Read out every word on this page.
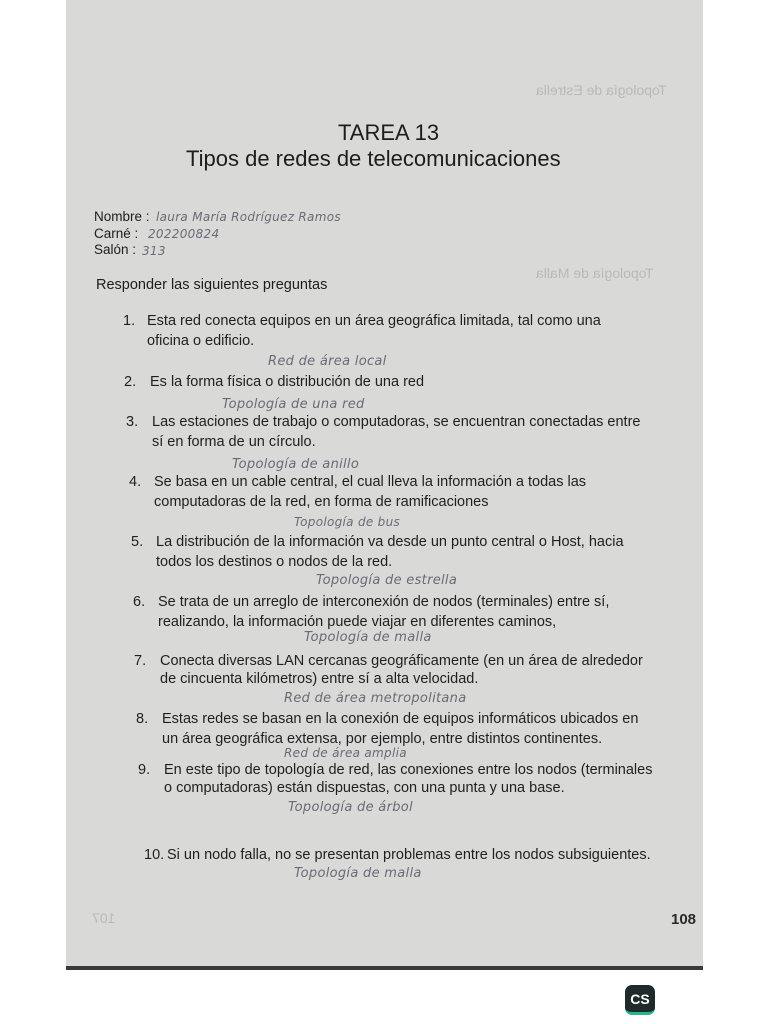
Topología de Estrella
Topología de Malla
107
TAREA 13
Tipos de redes de telecomunicaciones
Nombre : laura María Rodríguez Ramos
Carné : 202200824
Salón : 313
Responder las siguientes preguntas
1. Esta red conecta equipos en un área geográfica limitada, tal como una
oficina o edificio.
Red de área local
2. Es la forma física o distribución de una red
Topología de una red
3. Las estaciones de trabajo o computadoras, se encuentran conectadas entre
sí en forma de un círculo.
Topología de anillo
4. Se basa en un cable central, el cual lleva la información a todas las
computadoras de la red, en forma de ramificaciones
Topología de bus
5. La distribución de la información va desde un punto central o Host, hacia
todos los destinos o nodos de la red.
Topología de estrella
6. Se trata de un arreglo de interconexión de nodos (terminales) entre sí,
realizando, la información puede viajar en diferentes caminos,
Topología de malla
7. Conecta diversas LAN cercanas geográficamente (en un área de alrededor
de cincuenta kilómetros) entre sí a alta velocidad.
Red de área metropolitana
8. Estas redes se basan en la conexión de equipos informáticos ubicados en
un área geográfica extensa, por ejemplo, entre distintos continentes.
Red de área amplia
9. En este tipo de topología de red, las conexiones entre los nodos (terminales
o computadoras) están dispuestas, con una punta y una base.
Topología de árbol
10. Si un nodo falla, no se presentan problemas entre los nodos subsiguientes.
Topología de malla
108
CS
